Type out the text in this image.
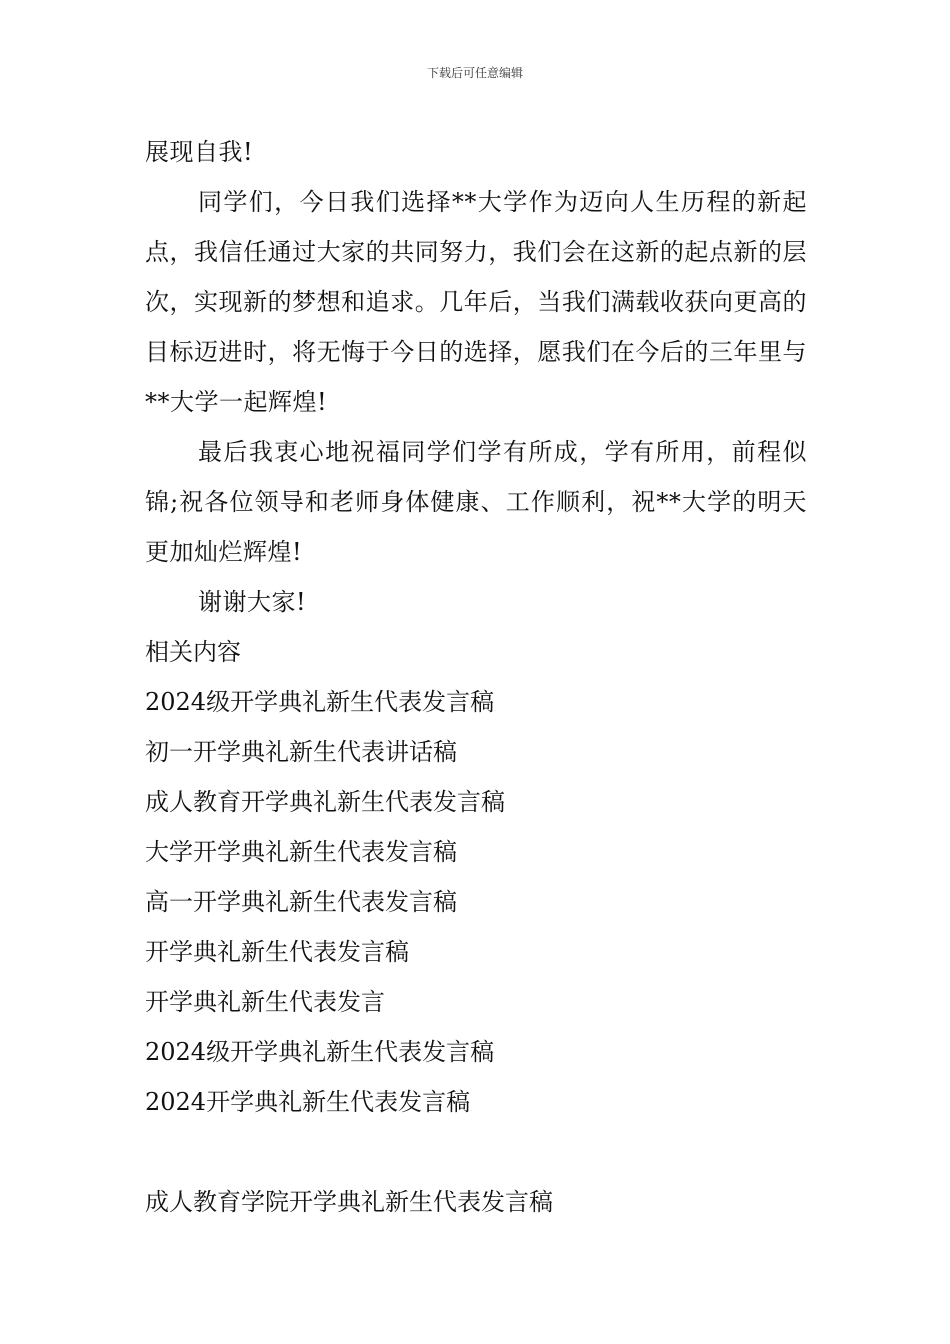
下载后可任意编辑

展现自我!

同学们，今日我们选择**大学作为迈向人生历程的新起点，我信任通过大家的共同努力，我们会在这新的起点新的层次，实现新的梦想和追求。几年后，当我们满载收获向更高的目标迈进时，将无悔于今日的选择，愿我们在今后的三年里与**大学一起辉煌!

最后我衷心地祝福同学们学有所成，学有所用，前程似锦;祝各位领导和老师身体健康、工作顺利，祝**大学的明天更加灿烂辉煌!

谢谢大家!

相关内容
2024级开学典礼新生代表发言稿
初一开学典礼新生代表讲话稿
成人教育开学典礼新生代表发言稿
大学开学典礼新生代表发言稿
高一开学典礼新生代表发言稿
开学典礼新生代表发言稿
开学典礼新生代表发言
2024级开学典礼新生代表发言稿
2024开学典礼新生代表发言稿
成人教育学院开学典礼新生代表发言稿
